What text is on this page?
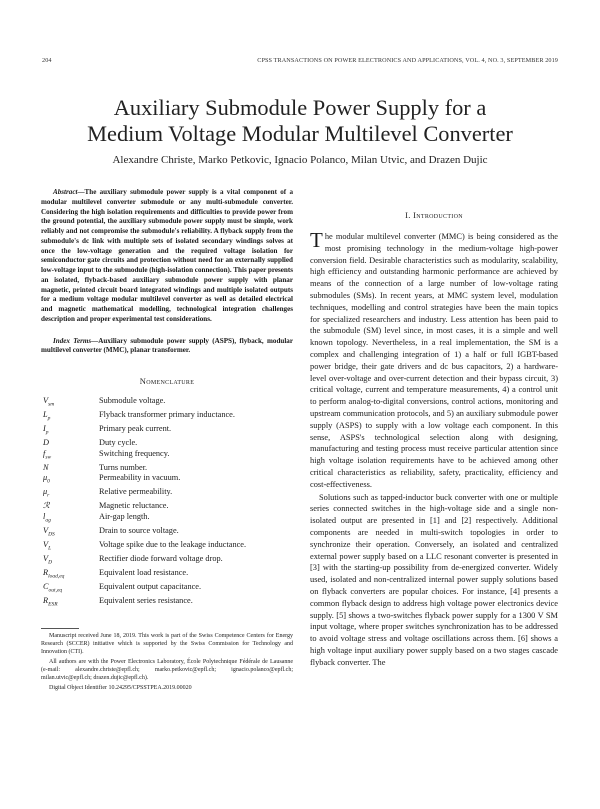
204	CPSS TRANSACTIONS ON POWER ELECTRONICS AND APPLICATIONS, VOL. 4, NO. 3, SEPTEMBER 2019
Auxiliary Submodule Power Supply for a
Medium Voltage Modular Multilevel Converter
Alexandre Christe, Marko Petkovic, Ignacio Polanco, Milan Utvic, and Drazen Dujic

Abstract—The auxiliary submodule power supply is a vital component of a modular multilevel converter submodule or any multi-submodule converter. Considering the high isolation requirements and difficulties to provide power from the ground potential, the auxiliary submodule power supply must be simple, work reliably and not compromise the submodule's reliability. A flyback supply from the submodule's dc link with multiple sets of isolated secondary windings solves at once the low-voltage generation and the required voltage isolation for semiconductor gate circuits and protection without need for an externally supplied low-voltage input to the submodule (high-isolation connection). This paper presents an isolated, flyback-based auxiliary submodule power supply with planar magnetic, printed circuit board integrated windings and multiple isolated outputs for a medium voltage modular multilevel converter as well as detailed electrical and magnetic mathematical modelling, technological integration challenges description and proper experimental test considerations.

Index Terms—Auxiliary submodule power supply (ASPS), flyback, modular multilevel converter (MMC), planar transformer.

Nomenclature
$V_{sm}$	Submodule voltage.
$L_p$	Flyback transformer primary inductance.
$I_p$	Primary peak current.
D	Duty cycle.
$f_{sw}$	Switching frequency.
N	Turns number.
$\mu_0$	Permeability in vacuum.
$\mu_r$	Relative permeability.
ℛ	Magnetic reluctance.
$l_{ag}$	Air-gap length.
$V_{DS}$	Drain to source voltage.
$V_L$	Voltage spike due to the leakage inductance.
$V_D$	Rectifier diode forward voltage drop.
$R_{load,eq}$	Equivalent load resistance.
$C_{out,eq}$	Equivalent output capacitance.
$R_{ESR}$	Equivalent series resistance.

Manuscript received June 18, 2019. This work is part of the Swiss Competence Centers for Energy Research (SCCER) initiative which is supported by the Swiss Commission for Technology and Innovation (CTI).

All authors are with the Power Electronics Laboratory, École Polytechnique Fédérale de Lausanne (e-mail: alexandre.christe@epfl.ch; marko.petkovic@epfl.ch; ignacio.polanco@epfl.ch; milan.utvic@epfl.ch; drazen.dujic@epfl.ch).

Digital Object Identifier 10.24295/CPSSTPEA.2019.00020

I. Introduction

The modular multilevel converter (MMC) is being considered as the most promising technology in the medium-voltage high-power conversion field. Desirable characteristics such as modularity, scalability, high efficiency and outstanding harmonic performance are achieved by means of the connection of a large number of low-voltage rating submodules (SMs). In recent years, at MMC system level, modulation techniques, modelling and control strategies have been the main topics for specialized researchers and industry. Less attention has been paid to the submodule (SM) level since, in most cases, it is a simple and well known topology. Nevertheless, in a real implementation, the SM is a complex and challenging integration of 1) a half or full IGBT-based power bridge, their gate drivers and dc bus capacitors, 2) a hardware-level over-voltage and over-current detection and their bypass circuit, 3) critical voltage, current and temperature measurements, 4) a control unit to perform analog-to-digital conversions, control actions, monitoring and upstream communication protocols, and 5) an auxiliary submodule power supply (ASPS) to supply with a low voltage each component. In this sense, ASPS's technological selection along with designing, manufacturing and testing process must receive particular attention since high voltage isolation requirements have to be achieved among other critical characteristics as reliability, safety, practicality, efficiency and cost-effectiveness.

Solutions such as tapped-inductor buck converter with one or multiple series connected switches in the high-voltage side and a single non-isolated output are presented in [1] and [2] respectively. Additional components are needed in multi-switch topologies in order to synchronize their operation. Conversely, an isolated and centralized external power supply based on a LLC resonant converter is presented in [3] with the starting-up possibility from de-energized converter. Widely used, isolated and non-centralized internal power supply solutions based on flyback converters are popular choices. For instance, [4] presents a common flyback design to address high voltage power electronics device supply. [5] shows a two-switches flyback power supply for a 1300 V SM input voltage, where proper switches synchronization has to be addressed to avoid voltage stress and voltage oscillations across them. [6] shows a high voltage input auxiliary power supply based on a two stages cascade flyback converter. The
